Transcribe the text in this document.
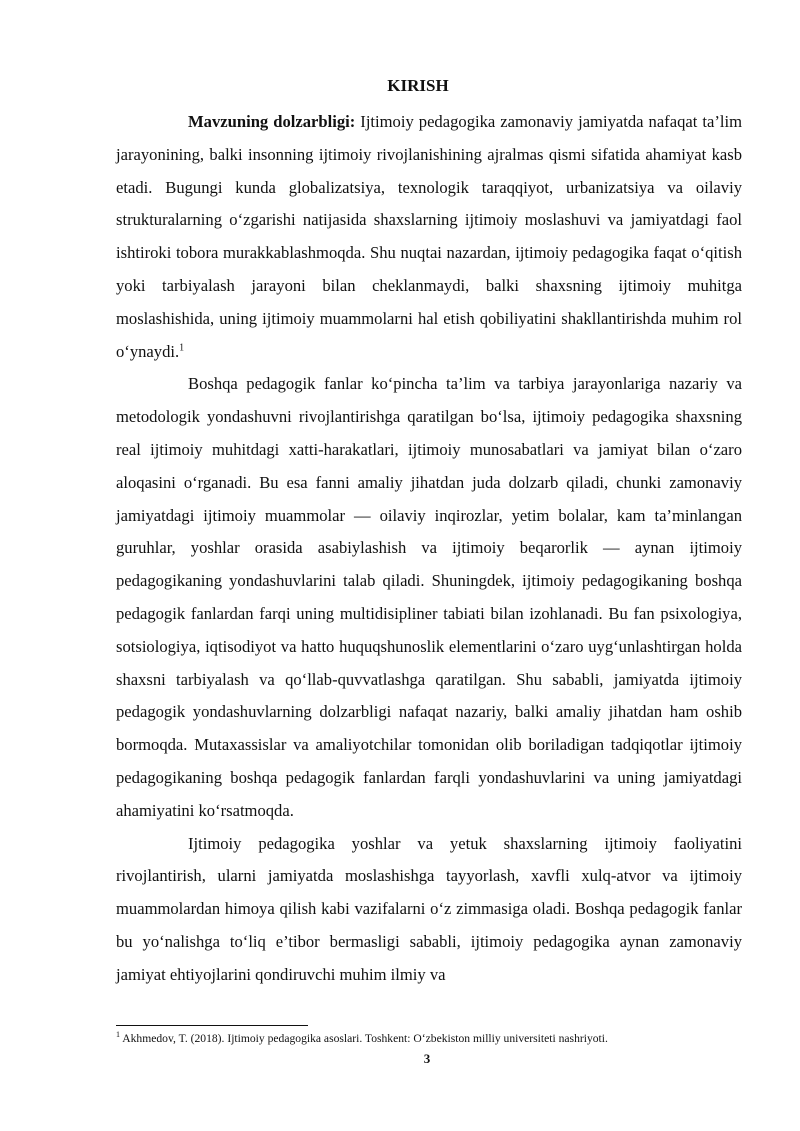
KIRISH

Mavzuning dolzarbligi: Ijtimoiy pedagogika zamonaviy jamiyatda nafaqat ta’lim jarayonining, balki insonning ijtimoiy rivojlanishining ajralmas qismi sifatida ahamiyat kasb etadi. Bugungi kunda globalizatsiya, texnologik taraqqiyot, urbanizatsiya va oilaviy strukturalarning o‘zgarishi natijasida shaxslarning ijtimoiy moslashuvi va jamiyatdagi faol ishtiroki tobora murakkablashmoqda. Shu nuqtai nazardan, ijtimoiy pedagogika faqat o‘qitish yoki tarbiyalash jarayoni bilan cheklanmaydi, balki shaxsning ijtimoiy muhitga moslashishida, uning ijtimoiy muammolarni hal etish qobiliyatini shakllantirishda muhim rol o‘ynaydi.$^1$

Boshqa pedagogik fanlar ko‘pincha ta’lim va tarbiya jarayonlariga nazariy va metodologik yondashuvni rivojlantirishga qaratilgan bo‘lsa, ijtimoiy pedagogika shaxsning real ijtimoiy muhitdagi xatti-harakatlari, ijtimoiy munosabatlari va jamiyat bilan o‘zaro aloqasini o‘rganadi. Bu esa fanni amaliy jihatdan juda dolzarb qiladi, chunki zamonaviy jamiyatdagi ijtimoiy muammolar — oilaviy inqirozlar, yetim bolalar, kam ta’minlangan guruhlar, yoshlar orasida asabiylashish va ijtimoiy beqarorlik — aynan ijtimoiy pedagogikaning yondashuvlarini talab qiladi. Shuningdek, ijtimoiy pedagogikaning boshqa pedagogik fanlardan farqi uning multidisipliner tabiati bilan izohlanadi. Bu fan psixologiya, sotsiologiya, iqtisodiyot va hatto huquqshunoslik elementlarini o‘zaro uyg‘unlashtirgan holda shaxsni tarbiyalash va qo‘llab-quvvatlashga qaratilgan. Shu sababli, jamiyatda ijtimoiy pedagogik yondashuvlarning dolzarbligi nafaqat nazariy, balki amaliy jihatdan ham oshib bormoqda. Mutaxassislar va amaliyotchilar tomonidan olib boriladigan tadqiqotlar ijtimoiy pedagogikaning boshqa pedagogik fanlardan farqli yondashuvlarini va uning jamiyatdagi ahamiyatini ko‘rsatmoqda.

Ijtimoiy pedagogika yoshlar va yetuk shaxslarning ijtimoiy faoliyatini rivojlantirish, ularni jamiyatda moslashishga tayyorlash, xavfli xulq-atvor va ijtimoiy muammolardan himoya qilish kabi vazifalarni o‘z zimmasiga oladi. Boshqa pedagogik fanlar bu yo‘nalishga to‘liq e’tibor bermasligi sababli, ijtimoiy pedagogika aynan zamonaviy jamiyat ehtiyojlarini qondiruvchi muhim ilmiy va

$^1$ Akhmedov, T. (2018). Ijtimoiy pedagogika asoslari. Toshkent: O‘zbekiston milliy universiteti nashriyoti.
3
